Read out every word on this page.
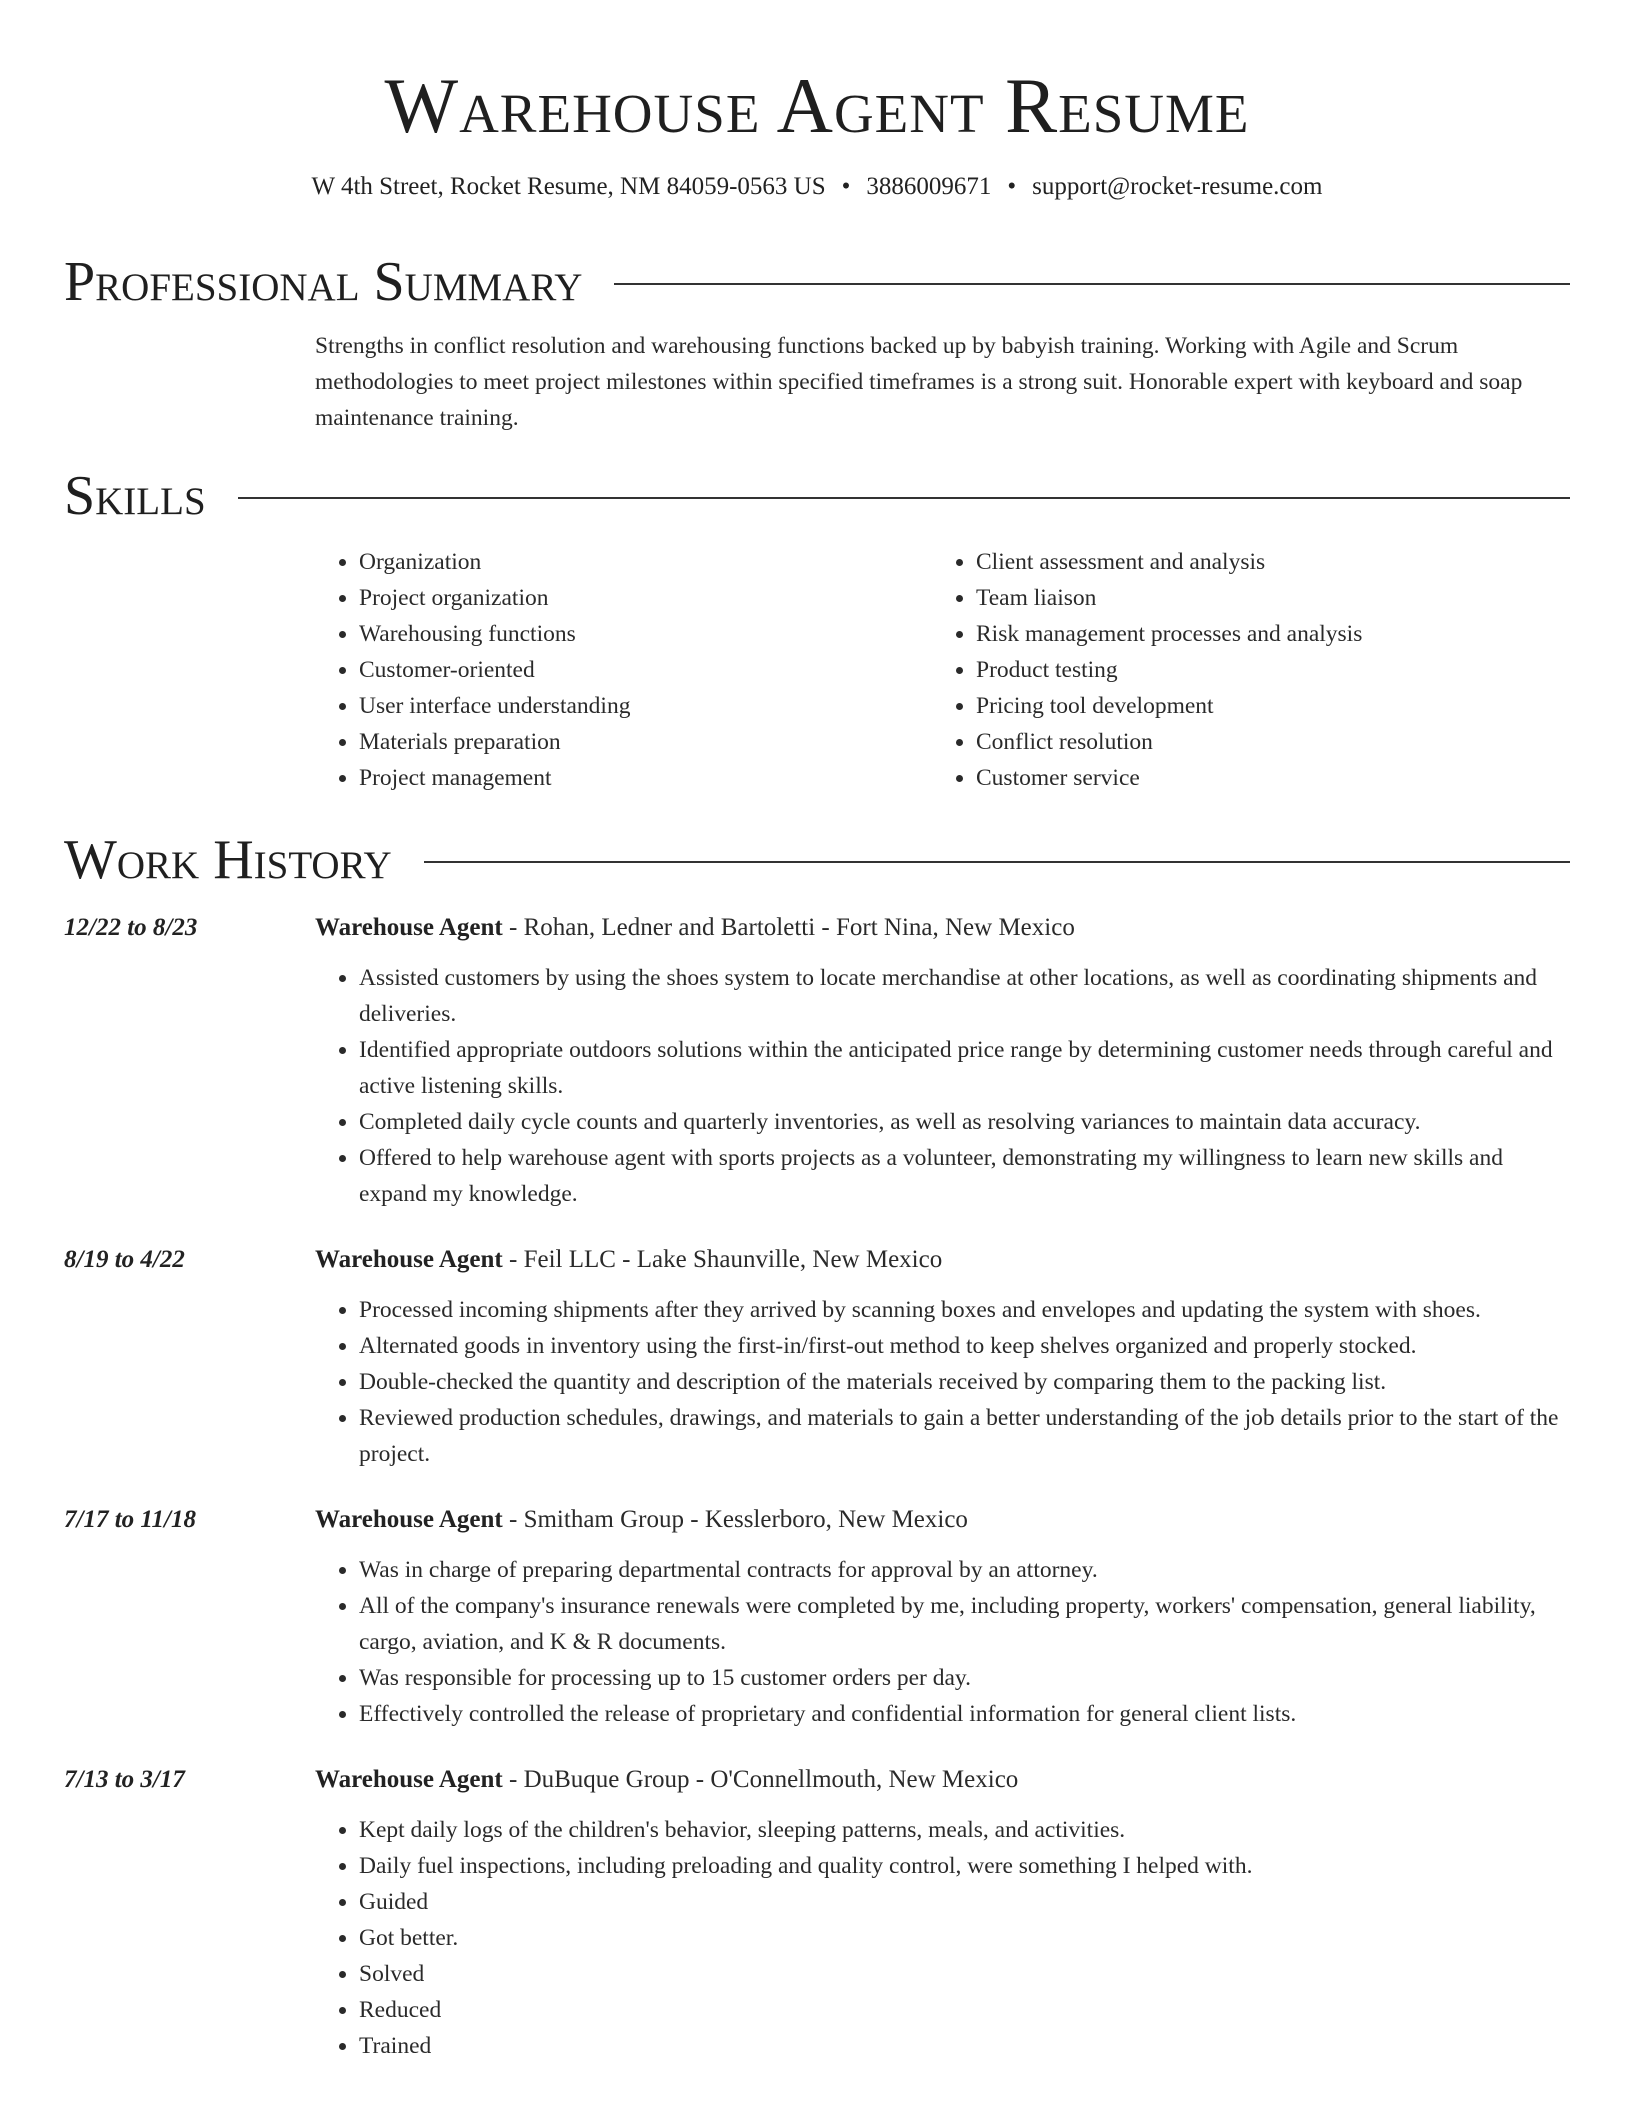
Warehouse Agent Resume
W 4th Street, Rocket Resume, NM 84059-0563 US • 3886009671 • support@rocket-resume.com
Professional Summary

Strengths in conflict resolution and warehousing functions backed up by babyish training. Working with Agile and Scrum methodologies to meet project milestones within specified timeframes is a strong suit. Honorable expert with keyboard and soap maintenance training.

Skills
• Organization
• Project organization
• Warehousing functions
• Customer-oriented
• User interface understanding
• Materials preparation
• Project management
• Client assessment and analysis
• Team liaison
• Risk management processes and analysis
• Product testing
• Pricing tool development
• Conflict resolution
• Customer service
Work History
12/22 to 8/23	Warehouse Agent - Rohan, Ledner and Bartoletti - Fort Nina, New Mexico
• Assisted customers by using the shoes system to locate merchandise at other locations, as well as coordinating shipments and deliveries.
• Identified appropriate outdoors solutions within the anticipated price range by determining customer needs through careful and active listening skills.
• Completed daily cycle counts and quarterly inventories, as well as resolving variances to maintain data accuracy.
• Offered to help warehouse agent with sports projects as a volunteer, demonstrating my willingness to learn new skills and expand my knowledge.
8/19 to 4/22	Warehouse Agent - Feil LLC - Lake Shaunville, New Mexico
• Processed incoming shipments after they arrived by scanning boxes and envelopes and updating the system with shoes.
• Alternated goods in inventory using the first-in/first-out method to keep shelves organized and properly stocked.
• Double-checked the quantity and description of the materials received by comparing them to the packing list.
• Reviewed production schedules, drawings, and materials to gain a better understanding of the job details prior to the start of the project.
7/17 to 11/18	Warehouse Agent - Smitham Group - Kesslerboro, New Mexico
• Was in charge of preparing departmental contracts for approval by an attorney.
• All of the company's insurance renewals were completed by me, including property, workers' compensation, general liability, cargo, aviation, and K & R documents.
• Was responsible for processing up to 15 customer orders per day.
• Effectively controlled the release of proprietary and confidential information for general client lists.
7/13 to 3/17	Warehouse Agent - DuBuque Group - O'Connellmouth, New Mexico
• Kept daily logs of the children's behavior, sleeping patterns, meals, and activities.
• Daily fuel inspections, including preloading and quality control, were something I helped with.
• Guided
• Got better.
• Solved
• Reduced
• Trained
